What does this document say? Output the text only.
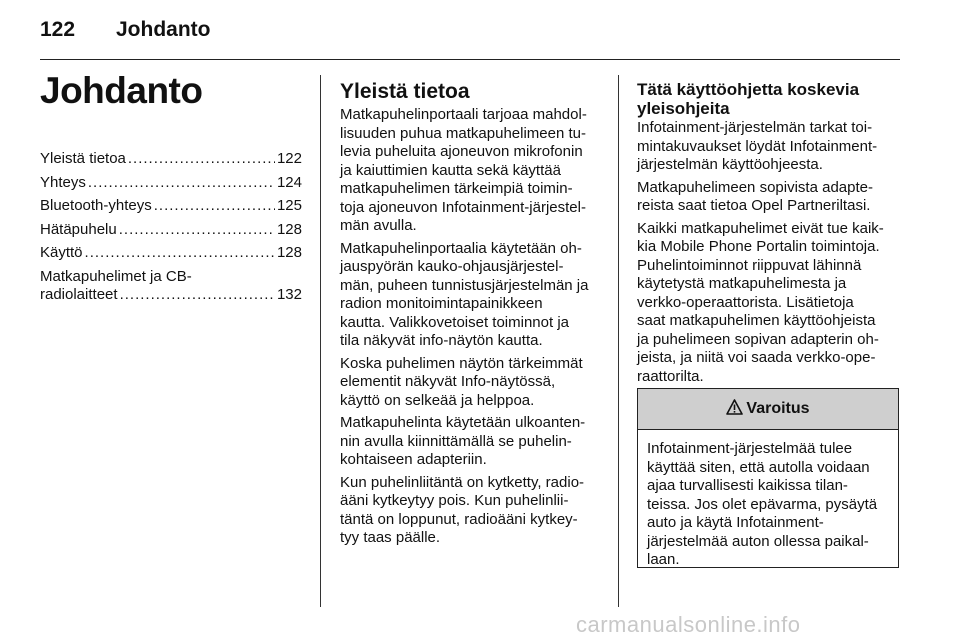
122 Johdanto
Johdanto
Yleistä tietoa .....	122
Yhteys .....	124
Bluetooth-yhteys .....	125
Hätäpuhelu .....	128
Käyttö .....	128
Matkapuhelimet ja CB-
radiolaitteet .....	132
Yleistä tietoa

Matkapuhelinportaali tarjoaa mahdol-
lisuuden puhua matkapuhelimeen tu-
levia puheluita ajoneuvon mikrofonin
ja kaiuttimien kautta sekä käyttää
matkapuhelimen tärkeimpiä toimin-
toja ajoneuvon Infotainment-järjestel-
män avulla.

Matkapuhelinportaalia käytetään oh-
jauspyörän kauko-ohjausjärjestel-
män, puheen tunnistusjärjestelmän ja
radion monitoimintapainikkeen
kautta. Valikkovetoiset toiminnot ja
tila näkyvät info-näytön kautta.

Koska puhelimen näytön tärkeimmät
elementit näkyvät Info-näytössä,
käyttö on selkeää ja helppoa.

Matkapuhelinta käytetään ulkoanten-
nin avulla kiinnittämällä se puhelin-
kohtaiseen adapteriin.

Kun puhelinliitäntä on kytketty, radio-
ääni kytkeytyy pois. Kun puhelinlii-
täntä on loppunut, radioääni kytkey-
tyy taas päälle.

Tätä käyttöohjetta koskevia
yleisohjeita

Infotainment-järjestelmän tarkat toi-
mintakuvaukset löydät Infotainment-
järjestelmän käyttöohjeesta.

Matkapuhelimeen sopivista adapte-
reista saat tietoa Opel Partneriltasi.

Kaikki matkapuhelimet eivät tue kaik-
kia Mobile Phone Portalin toimintoja.
Puhelintoiminnot riippuvat lähinnä
käytetystä matkapuhelimesta ja
verkko-operaattorista. Lisätietoja
saat matkapuhelimen käyttöohjeista
ja puhelimeen sopivan adapterin oh-
jeista, ja niitä voi saada verkko-ope-
raattorilta.

Varoitus
Infotainment-järjestelmää tulee
käyttää siten, että autolla voidaan
ajaa turvallisesti kaikissa tilan-
teissa. Jos olet epävarma, pysäytä
auto ja käytä Infotainment-
järjestelmää auton ollessa paikal-
laan.
carmanualsonline.info
